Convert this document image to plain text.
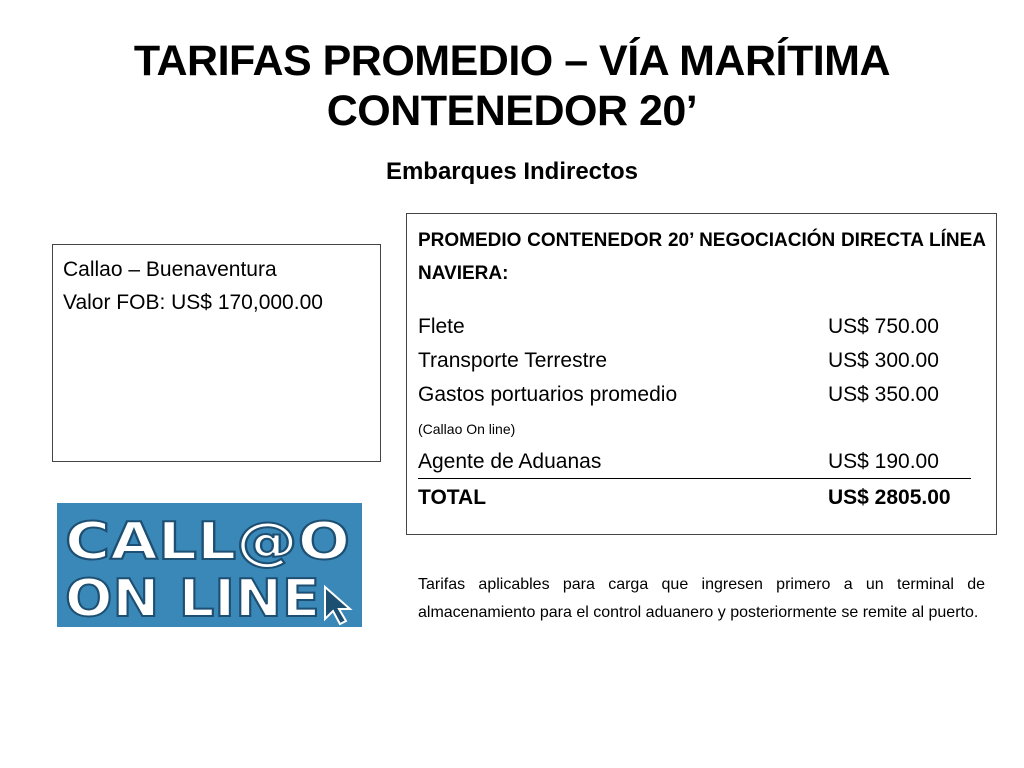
TARIFAS PROMEDIO – VÍA MARÍTIMA
CONTENEDOR 20’
Embarques Indirectos
Callao – Buenaventura
Valor FOB: US$ 170,000.00
CALL@O
ON LINE
PROMEDIO CONTENEDOR 20’ NEGOCIACIÓN DIRECTA LÍNEA NAVIERA:
Flete	US$ 750.00
Transporte Terrestre	US$ 300.00
Gastos portuarios promedio	US$ 350.00
(Callao On line)
Agente de Aduanas	US$ 190.00
TOTAL	US$ 2805.00
Tarifas aplicables para carga que ingresen primero a un terminal de almacenamiento para el control aduanero y posteriormente se remite al puerto.
